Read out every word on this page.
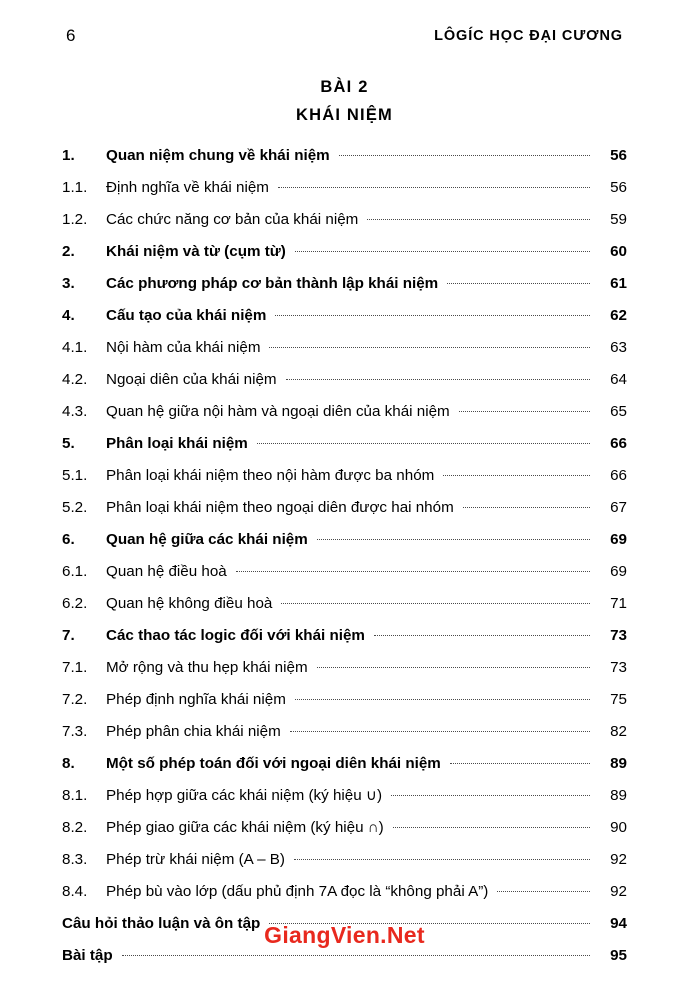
6	LÔGÍC HỌC ĐẠI CƯƠNG
BÀI 2
KHÁI NIỆM
1.	Quan niệm chung về khái niệm	56
1.1.	Định nghĩa về khái niệm	56
1.2.	Các chức năng cơ bản của khái niệm	59
2.	Khái niệm và từ (cụm từ)	60
3.	Các phương pháp cơ bản thành lập khái niệm	61
4.	Cấu tạo của khái niệm	62
4.1.	Nội hàm của khái niệm	63
4.2.	Ngoại diên của khái niệm	64
4.3.	Quan hệ giữa nội hàm và ngoại diên của khái niệm	65
5.	Phân loại khái niệm	66
5.1.	Phân loại khái niệm theo nội hàm được ba nhóm	66
5.2.	Phân loại khái niệm theo ngoại diên được hai nhóm	67
6.	Quan hệ giữa các khái niệm	69
6.1.	Quan hệ điều hoà	69
6.2.	Quan hệ không điều hoà	71
7.	Các thao tác logic đối với khái niệm	73
7.1.	Mở rộng và thu hẹp khái niệm	73
7.2.	Phép định nghĩa khái niệm	75
7.3.	Phép phân chia khái niệm	82
8.	Một số phép toán đối với ngoại diên khái niệm	89
8.1.	Phép hợp giữa các khái niệm (ký hiệu ∪)	89
8.2.	Phép giao giữa các khái niệm (ký hiệu ∩)	90
8.3.	Phép trừ khái niệm (A – B)	92
8.4.	Phép bù vào lớp (dấu phủ định 7A đọc là “không phải A”)	92
Câu hỏi thảo luận và ôn tập	94
Bài tập	95
GiangVien.Net
